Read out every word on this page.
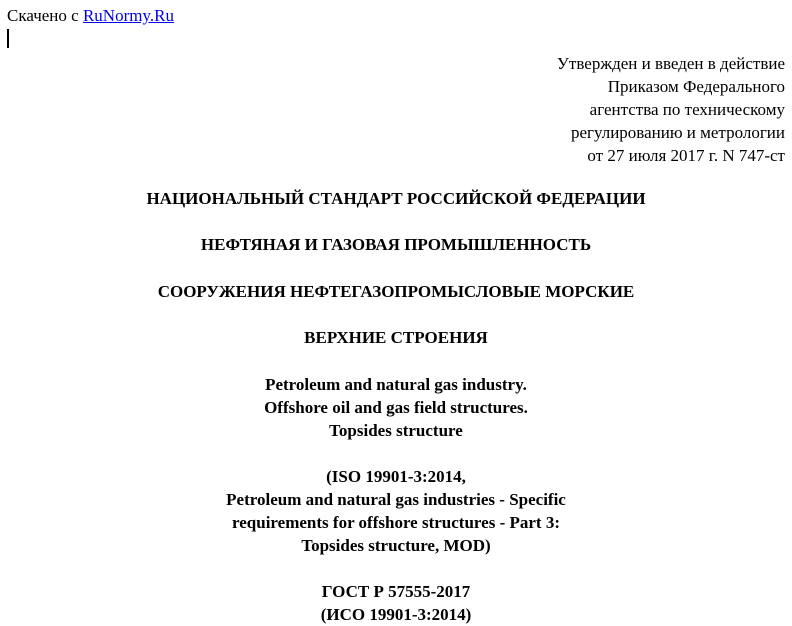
Скачено с RuNormy.Ru
Утвержден и введен в действие
Приказом Федерального
агентства по техническому
регулированию и метрологии
от 27 июля 2017 г. N 747-ст
НАЦИОНАЛЬНЫЙ СТАНДАРТ РОССИЙСКОЙ ФЕДЕРАЦИИ
НЕФТЯНАЯ И ГАЗОВАЯ ПРОМЫШЛЕННОСТЬ
СООРУЖЕНИЯ НЕФТЕГАЗОПРОМЫСЛОВЫЕ МОРСКИЕ
ВЕРХНИЕ СТРОЕНИЯ
Petroleum and natural gas industry.
Offshore oil and gas field structures.
Topsides structure
(ISO 19901-3:2014,
Petroleum and natural gas industries - Specific
requirements for offshore structures - Part 3:
Topsides structure, MOD)
ГОСТ Р 57555-2017
(ИСО 19901-3:2014)
